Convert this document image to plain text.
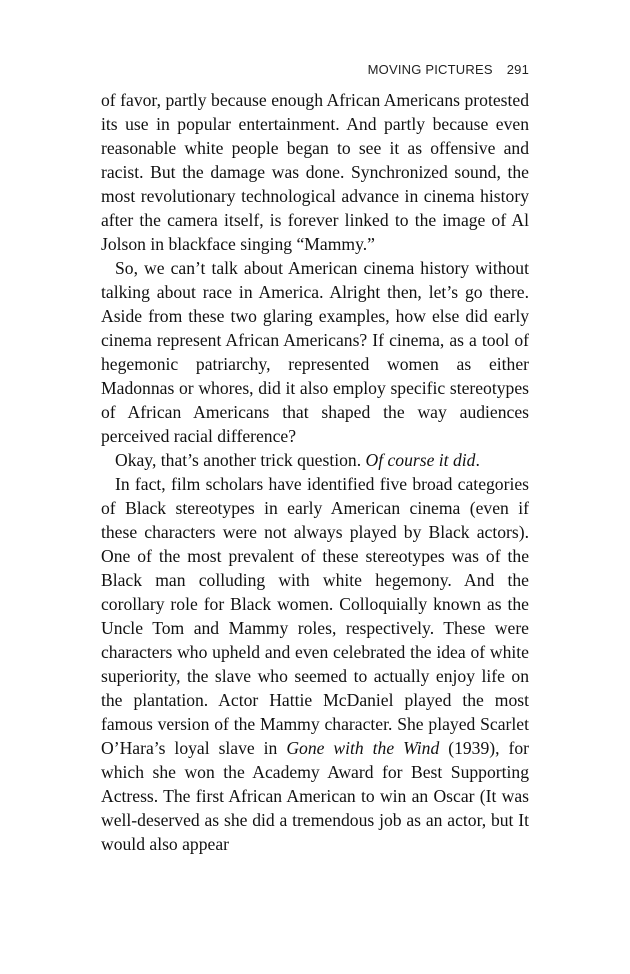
MOVING PICTURES 291

of favor, partly because enough African Americans protested its use in popular entertainment. And partly because even reasonable white people began to see it as offensive and racist. But the damage was done. Synchronized sound, the most revolutionary technological advance in cinema history after the camera itself, is forever linked to the image of Al Jolson in blackface singing “Mammy.”

So, we can’t talk about American cinema history without talking about race in America. Alright then, let’s go there. Aside from these two glaring examples, how else did early cinema represent African Americans? If cinema, as a tool of hegemonic patriarchy, represented women as either Madonnas or whores, did it also employ specific stereotypes of African Americans that shaped the way audiences perceived racial difference?

Okay, that’s another trick question. Of course it did.

In fact, film scholars have identified five broad categories of Black stereotypes in early American cinema (even if these characters were not always played by Black actors). One of the most prevalent of these stereotypes was of the Black man colluding with white hegemony. And the corollary role for Black women. Colloquially known as the Uncle Tom and Mammy roles, respectively. These were characters who upheld and even celebrated the idea of white superiority, the slave who seemed to actually enjoy life on the plantation. Actor Hattie McDaniel played the most famous version of the Mammy character. She played Scarlet O’Hara’s loyal slave in Gone with the Wind (1939), for which she won the Academy Award for Best Supporting Actress. The first African American to win an Oscar (It was well-deserved as she did a tremendous job as an actor, but It would also appear
